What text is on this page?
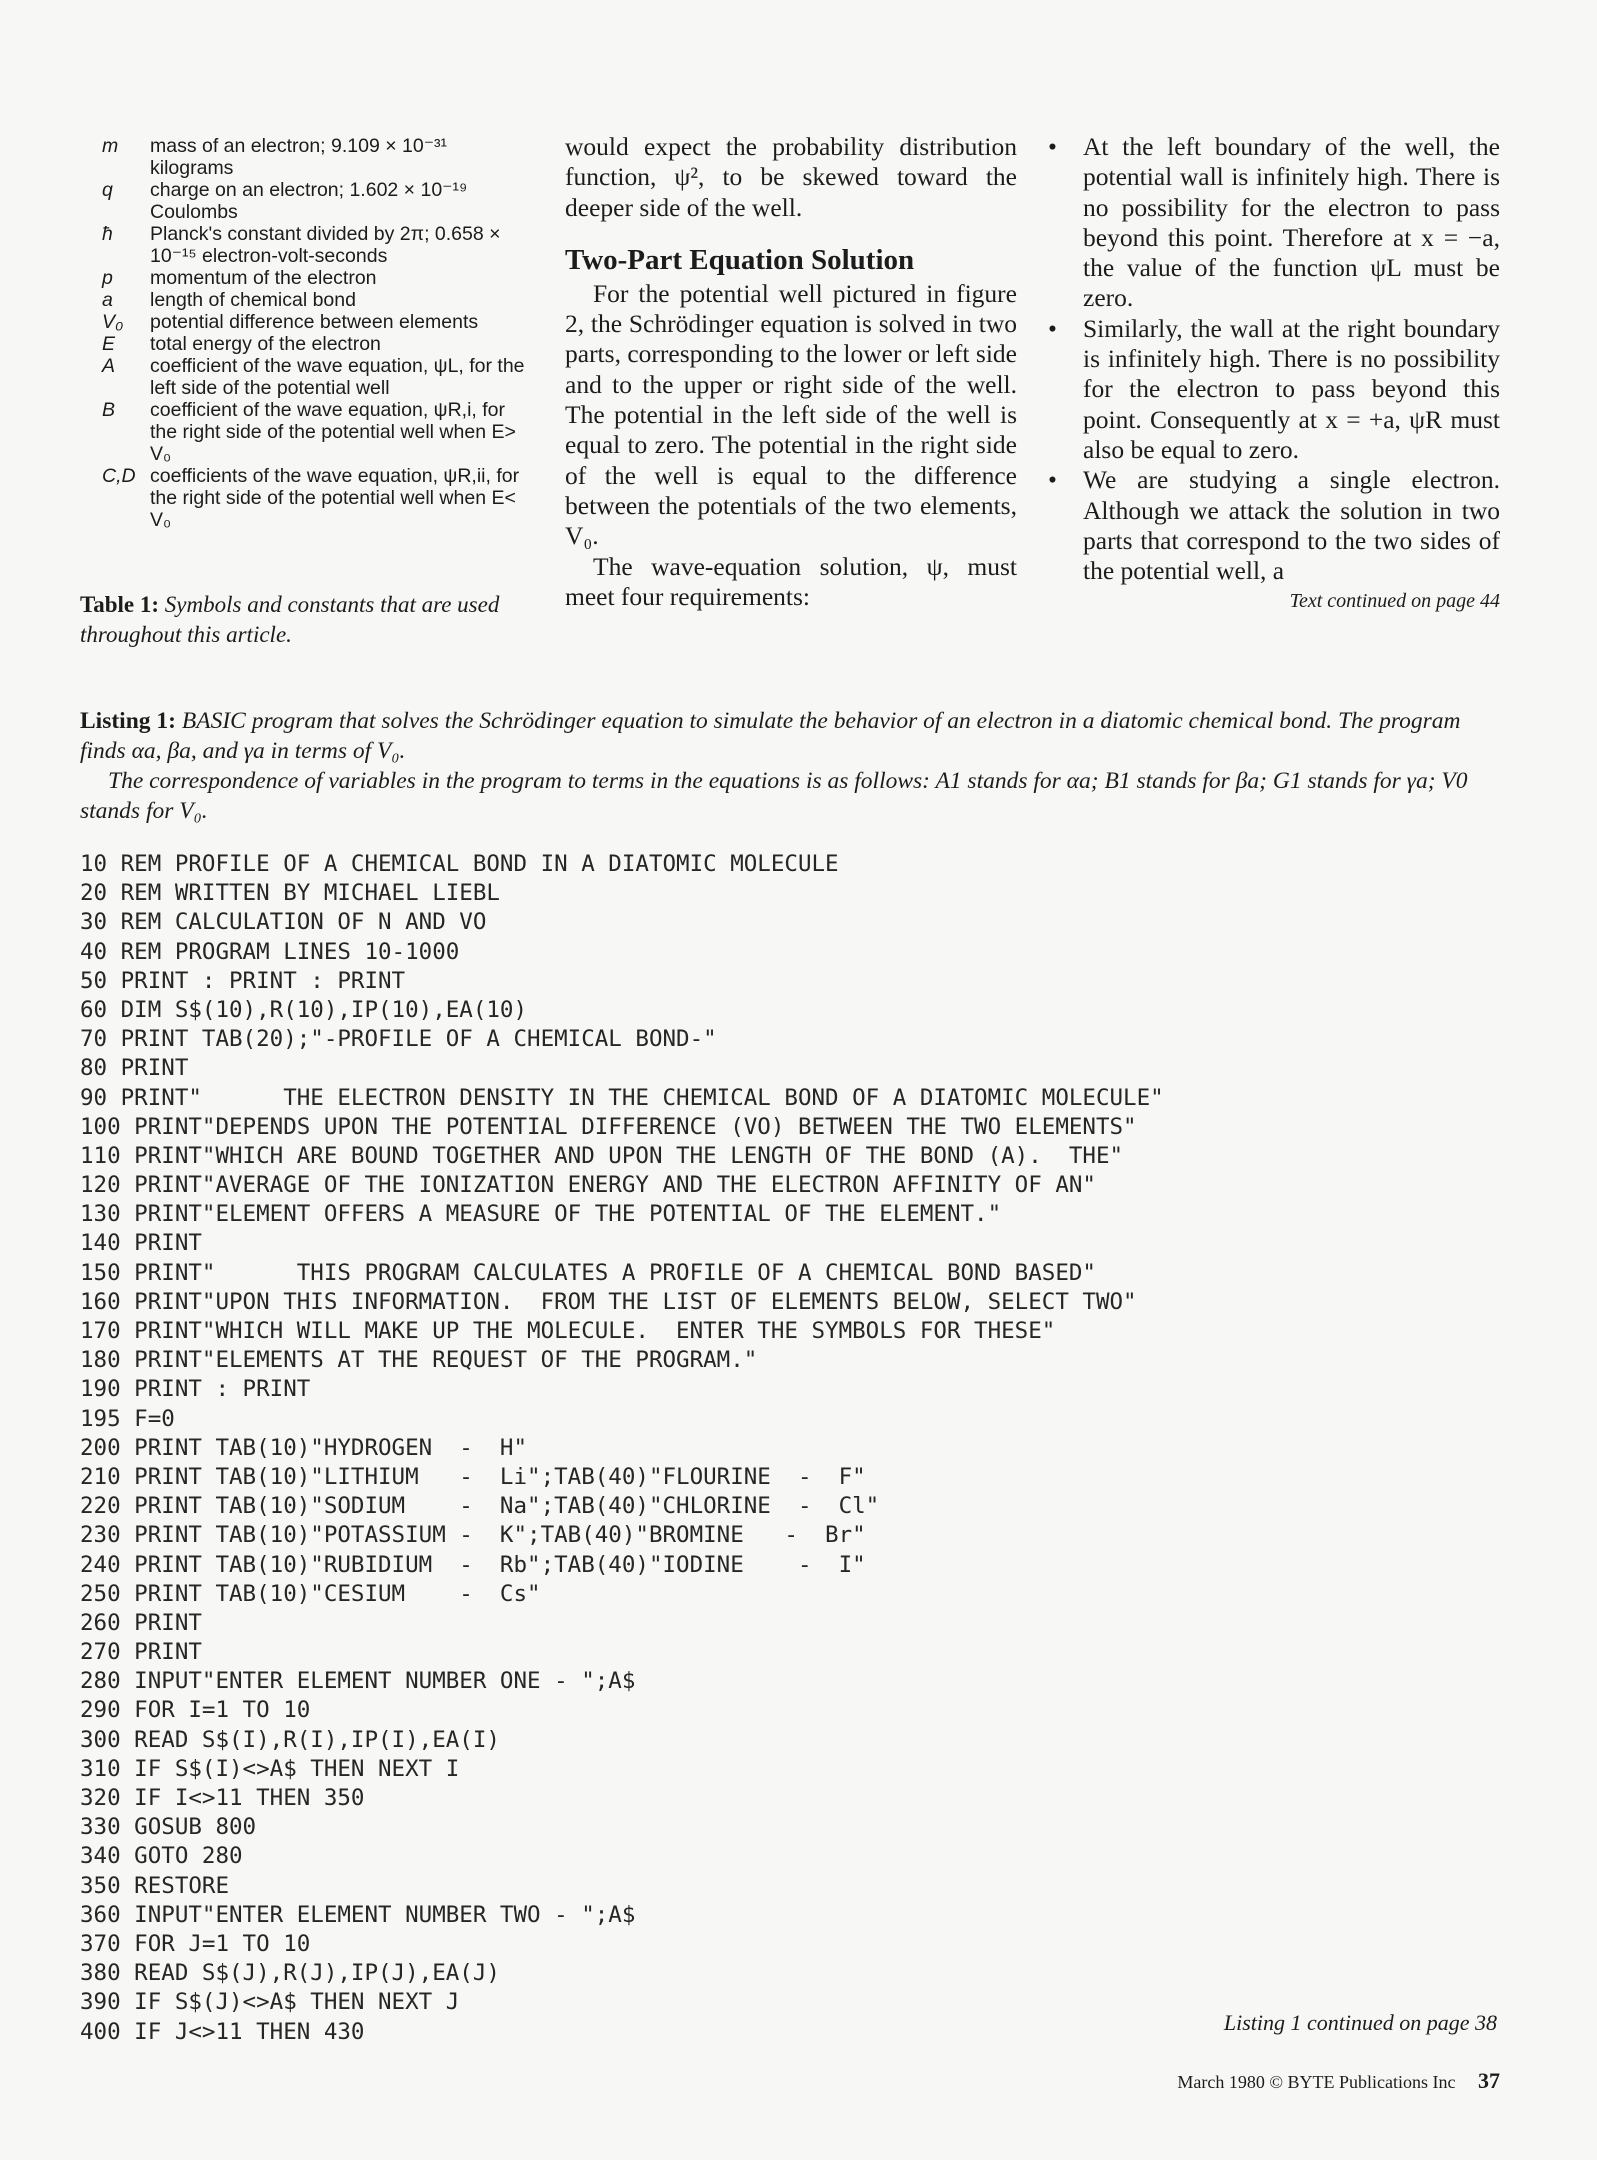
m	mass of an electron; 9.109 × 10⁻³¹ kilograms
q	charge on an electron; 1.602 × 10⁻¹⁹ Coulombs
ħ	Planck's constant divided by 2π; 0.658 × 10⁻¹⁵ electron-volt-seconds
p	momentum of the electron
a	length of chemical bond
V₀	potential difference between elements
E	total energy of the electron
A	coefficient of the wave equation, ψL, for the left side of the potential well
B	coefficient of the wave equation, ψR,i, for the right side of the potential well when E> V₀
C,D coefficients of the wave equation, ψR,ii, for the right side of the potential well when E< V₀
Table 1: Symbols and constants that are used throughout this article.

would expect the probability distribution function, ψ², to be skewed toward the deeper side of the well.

Two-Part Equation Solution

For the potential well pictured in figure 2, the Schrödinger equation is solved in two parts, corresponding to the lower or left side and to the upper or right side of the well. The potential in the left side of the well is equal to zero. The potential in the right side of the well is equal to the difference between the potentials of the two elements, V₀.

The wave-equation solution, ψ, must meet four requirements:

• At the left boundary of the well, the potential wall is infinitely high. There is no possibility for the electron to pass beyond this point. Therefore at x = −a, the value of the function ψL must be zero.
• Similarly, the wall at the right boundary is infinitely high. There is no possibility for the electron to pass beyond this point. Consequently at x = +a, ψR must also be equal to zero.
• We are studying a single electron. Although we attack the solution in two parts that correspond to the two sides of the potential well, a
Text continued on page 44

Listing 1: BASIC program that solves the Schrödinger equation to simulate the behavior of an electron in a diatomic chemical bond. The program finds αa, βa, and γa in terms of V₀.

The correspondence of variables in the program to terms in the equations is as follows: A1 stands for αa; B1 stands for βa; G1 stands for γa; V0 stands for V₀.

10 REM PROFILE OF A CHEMICAL BOND IN A DIATOMIC MOLECULE
20 REM WRITTEN BY MICHAEL LIEBL
30 REM CALCULATION OF N AND VO
40 REM PROGRAM LINES 10-1000
50 PRINT : PRINT : PRINT
60 DIM S$(10),R(10),IP(10),EA(10)
70 PRINT TAB(20);"-PROFILE OF A CHEMICAL BOND-"
80 PRINT
90 PRINT"      THE ELECTRON DENSITY IN THE CHEMICAL BOND OF A DIATOMIC MOLECULE"
100 PRINT"DEPENDS UPON THE POTENTIAL DIFFERENCE (VO) BETWEEN THE TWO ELEMENTS"
110 PRINT"WHICH ARE BOUND TOGETHER AND UPON THE LENGTH OF THE BOND (A).  THE"
120 PRINT"AVERAGE OF THE IONIZATION ENERGY AND THE ELECTRON AFFINITY OF AN"
130 PRINT"ELEMENT OFFERS A MEASURE OF THE POTENTIAL OF THE ELEMENT."
140 PRINT
150 PRINT"      THIS PROGRAM CALCULATES A PROFILE OF A CHEMICAL BOND BASED"
160 PRINT"UPON THIS INFORMATION.  FROM THE LIST OF ELEMENTS BELOW, SELECT TWO"
170 PRINT"WHICH WILL MAKE UP THE MOLECULE.  ENTER THE SYMBOLS FOR THESE"
180 PRINT"ELEMENTS AT THE REQUEST OF THE PROGRAM."
190 PRINT : PRINT
195 F=0
200 PRINT TAB(10)"HYDROGEN  -  H"
210 PRINT TAB(10)"LITHIUM   -  Li";TAB(40)"FLOURINE  -  F"
220 PRINT TAB(10)"SODIUM    -  Na";TAB(40)"CHLORINE  -  Cl"
230 PRINT TAB(10)"POTASSIUM -  K";TAB(40)"BROMINE   -  Br"
240 PRINT TAB(10)"RUBIDIUM  -  Rb";TAB(40)"IODINE    -  I"
250 PRINT TAB(10)"CESIUM    -  Cs"
260 PRINT
270 PRINT
280 INPUT"ENTER ELEMENT NUMBER ONE - ";A$
290 FOR I=1 TO 10
300 READ S$(I),R(I),IP(I),EA(I)
310 IF S$(I)<>A$ THEN NEXT I
320 IF I<>11 THEN 350
330 GOSUB 800
340 GOTO 280
350 RESTORE
360 INPUT"ENTER ELEMENT NUMBER TWO - ";A$
370 FOR J=1 TO 10
380 READ S$(J),R(J),IP(J),EA(J)
390 IF S$(J)<>A$ THEN NEXT J
400 IF J<>11 THEN 430	Listing 1 continued on page 38
March 1980 © BYTE Publications Inc 37
